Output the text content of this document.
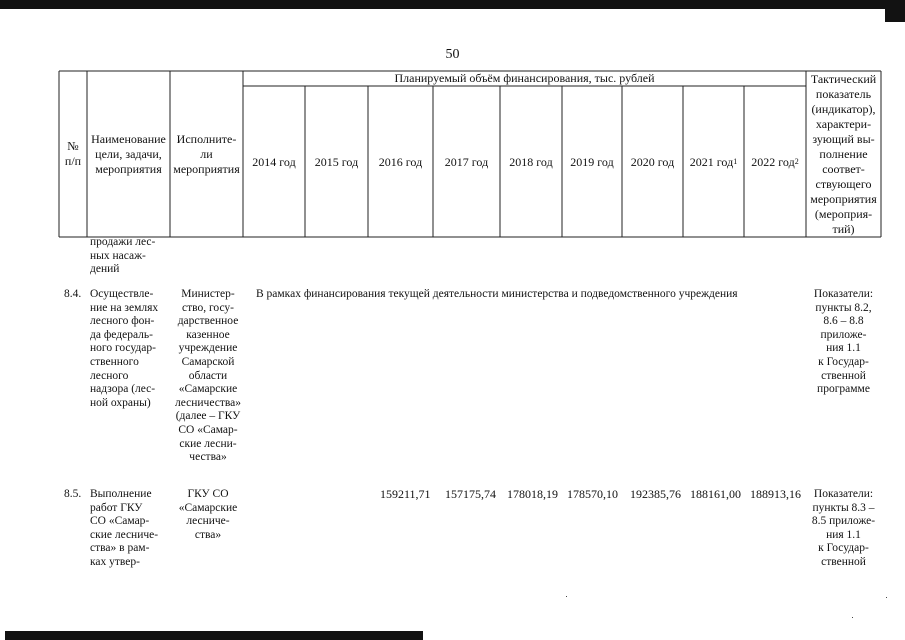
50
№
п/п
Наименование
цели, задачи,
мероприятия
Исполните-
ли
мероприятия
Планируемый объём финансирования, тыс. рублей
2014 год 2015 год 2016 год 2017 год 2018 год 2019 год 2020 год 2021 год 1 2022 год 2
Тактический
показатель
(индикатор),
характери-
зующий вы-
полнение
соответ-
ствующего
мероприятия
(мероприя-
тий)
продажи лес-
ных насаж-
дений
8.4. Осуществле-
ние на землях
лесного фон-
да федераль-
ного государ-
ственного
лесного
надзора (лес-
ной охраны)
Министер-
ство, госу-
дарственное
казенное
учреждение
Самарской
области
«Самарские
лесничества»
(далее – ГКУ
СО «Самар-
ские лесни-
чества»
В рамках финансирования текущей деятельности министерства и подведомственного учреждения	Показатели:
пункты 8.2,
8.6 – 8.8
приложе-
ния 1.1
к Государ-
ственной
программе
8.5. Выполнение
работ ГКУ
СО «Самар-
ские лесниче-
ства» в рам-
ках утвер-
ГКУ СО
«Самарские
лесниче-
ства»
159211,71 157175,74 178018,19 178570,10 192385,76 188161,00 188913,16	Показатели:
пункты 8.3 –
8.5 приложе-
ния 1.1
к Государ-
ственной
